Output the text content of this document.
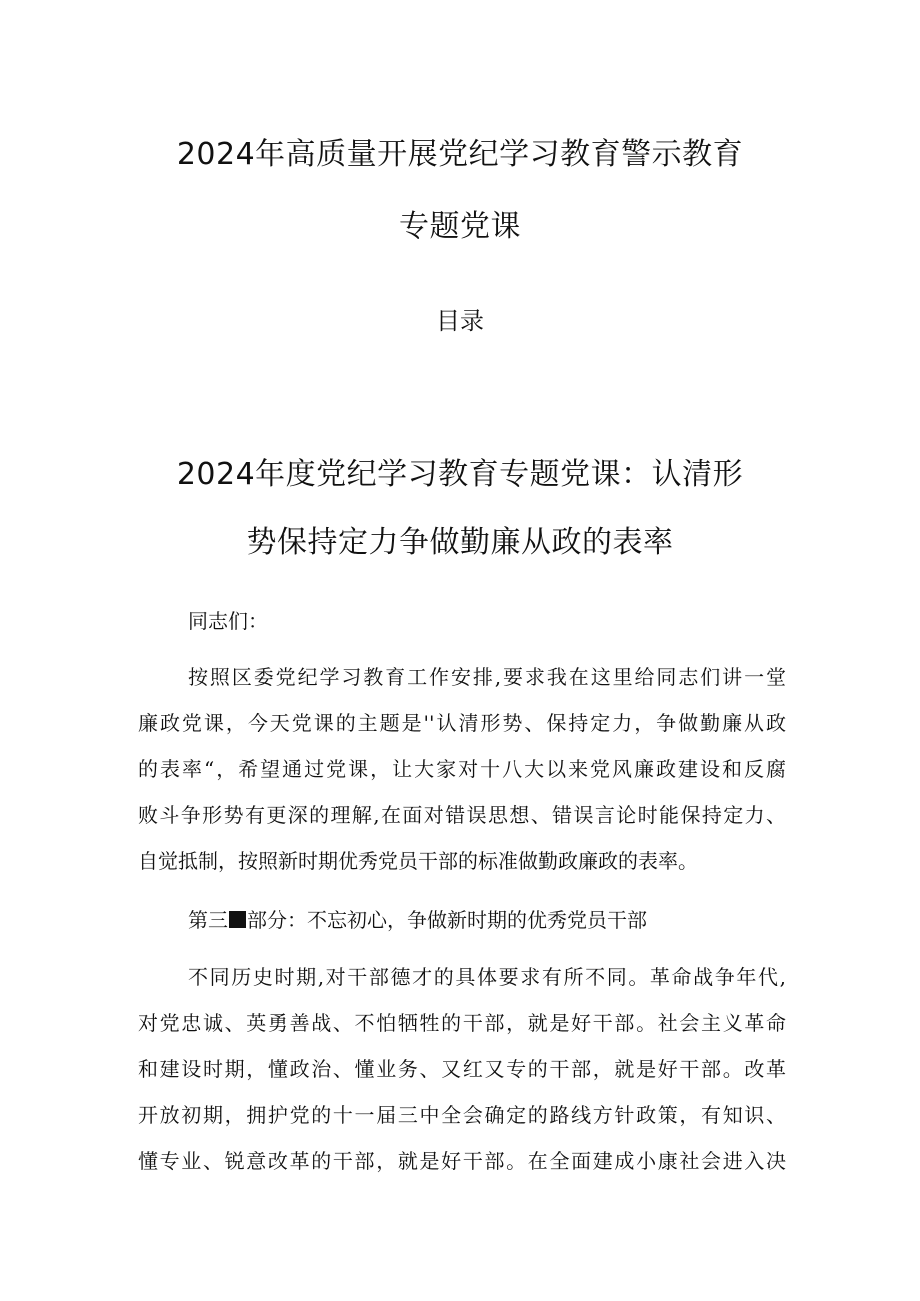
2024年高质量开展党纪学习教育警示教育
专题党课
目录
2024年度党纪学习教育专题党课：认清形
势保持定力争做勤廉从政的表率
同志们：
按照区委党纪学习教育工作安排,要求我在这里给同志们讲一堂
廉政党课，今天党课的主题是''认清形势、保持定力，争做勤廉从政
的表率“，希望通过党课，让大家对十八大以来党风廉政建设和反腐
败斗争形势有更深的理解,在面对错误思想、错误言论时能保持定力、
自觉抵制，按照新时期优秀党员干部的标准做勤政廉政的表率。
第三 部分：不忘初心，争做新时期的优秀党员干部
不同历史时期,对干部德才的具体要求有所不同。革命战争年代,
对党忠诚、英勇善战、不怕牺牲的干部，就是好干部。社会主义革命
和建设时期，懂政治、懂业务、又红又专的干部，就是好干部。改革
开放初期，拥护党的十一届三中全会确定的路线方针政策，有知识、
懂专业、锐意改革的干部，就是好干部。在全面建成小康社会进入决
